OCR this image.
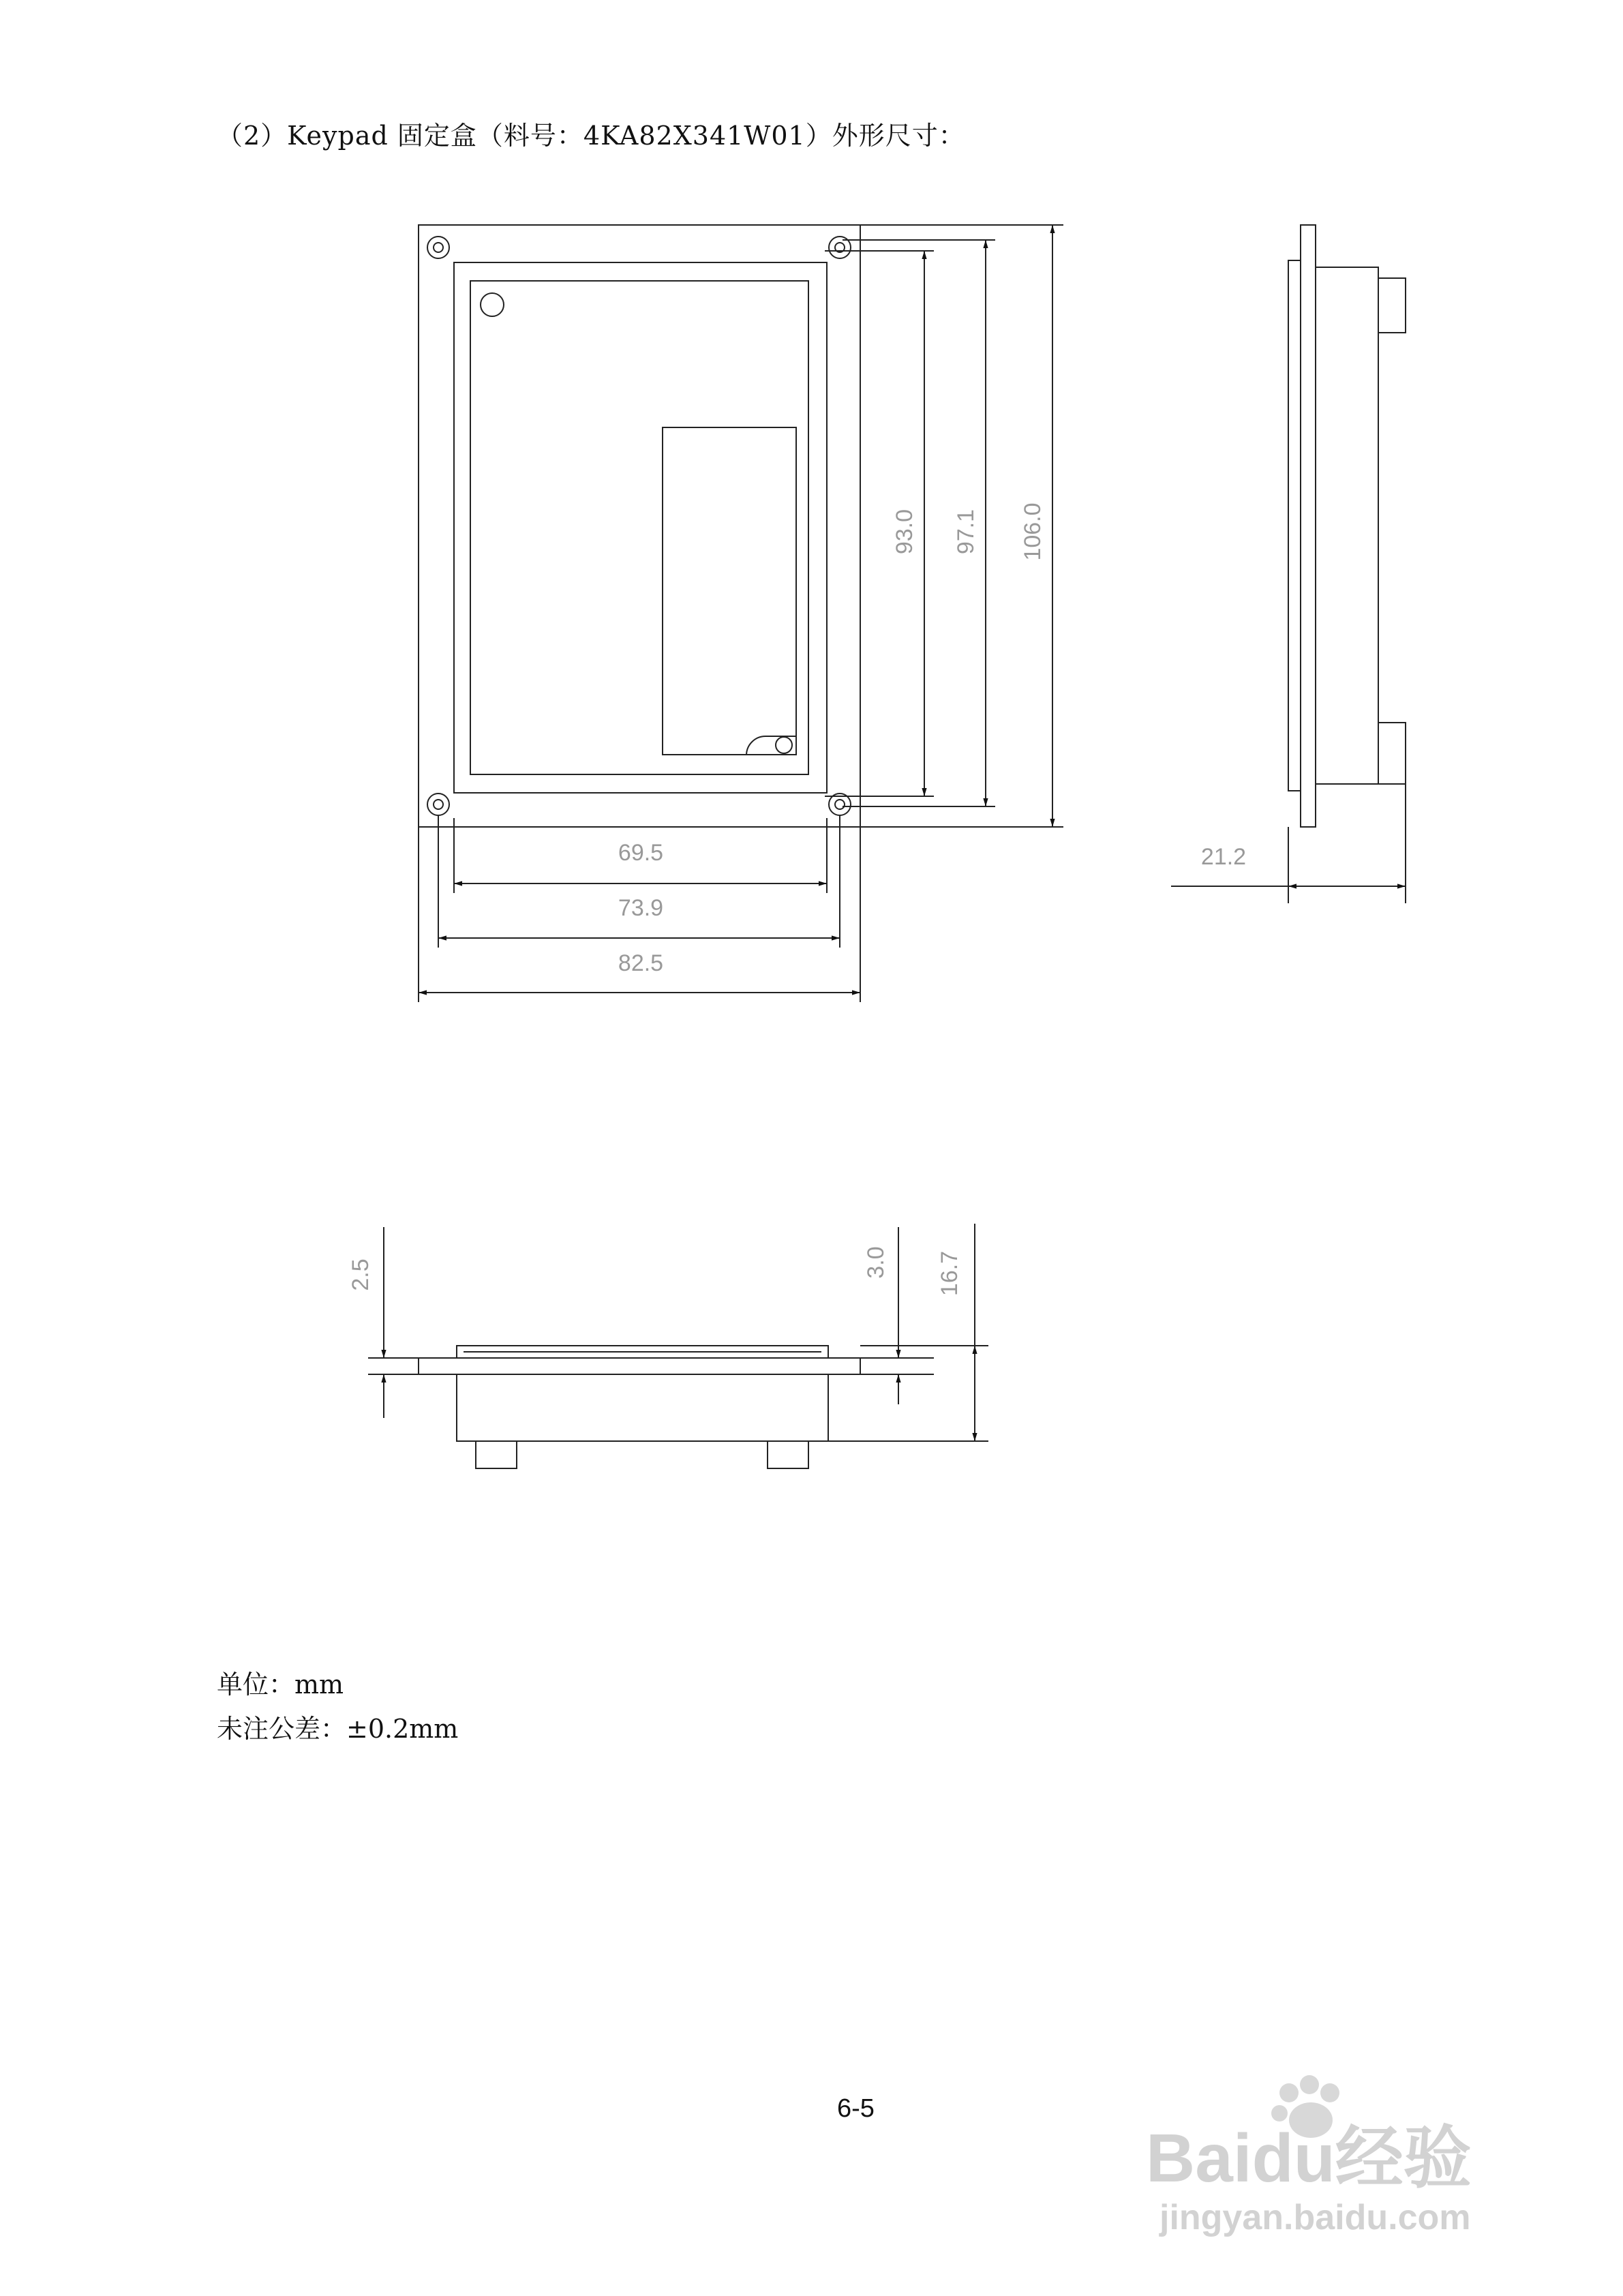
（2）Keypad 固定盒（料号：4KA82X341W01）外形尺寸：
93.0 97.1 106.0
69.5
73.9
82.5
21.2
2.5	3.0 16.7
单位：mm
未注公差：±0.2mm
6-5
Baidu经验
jingyan.baidu.com
